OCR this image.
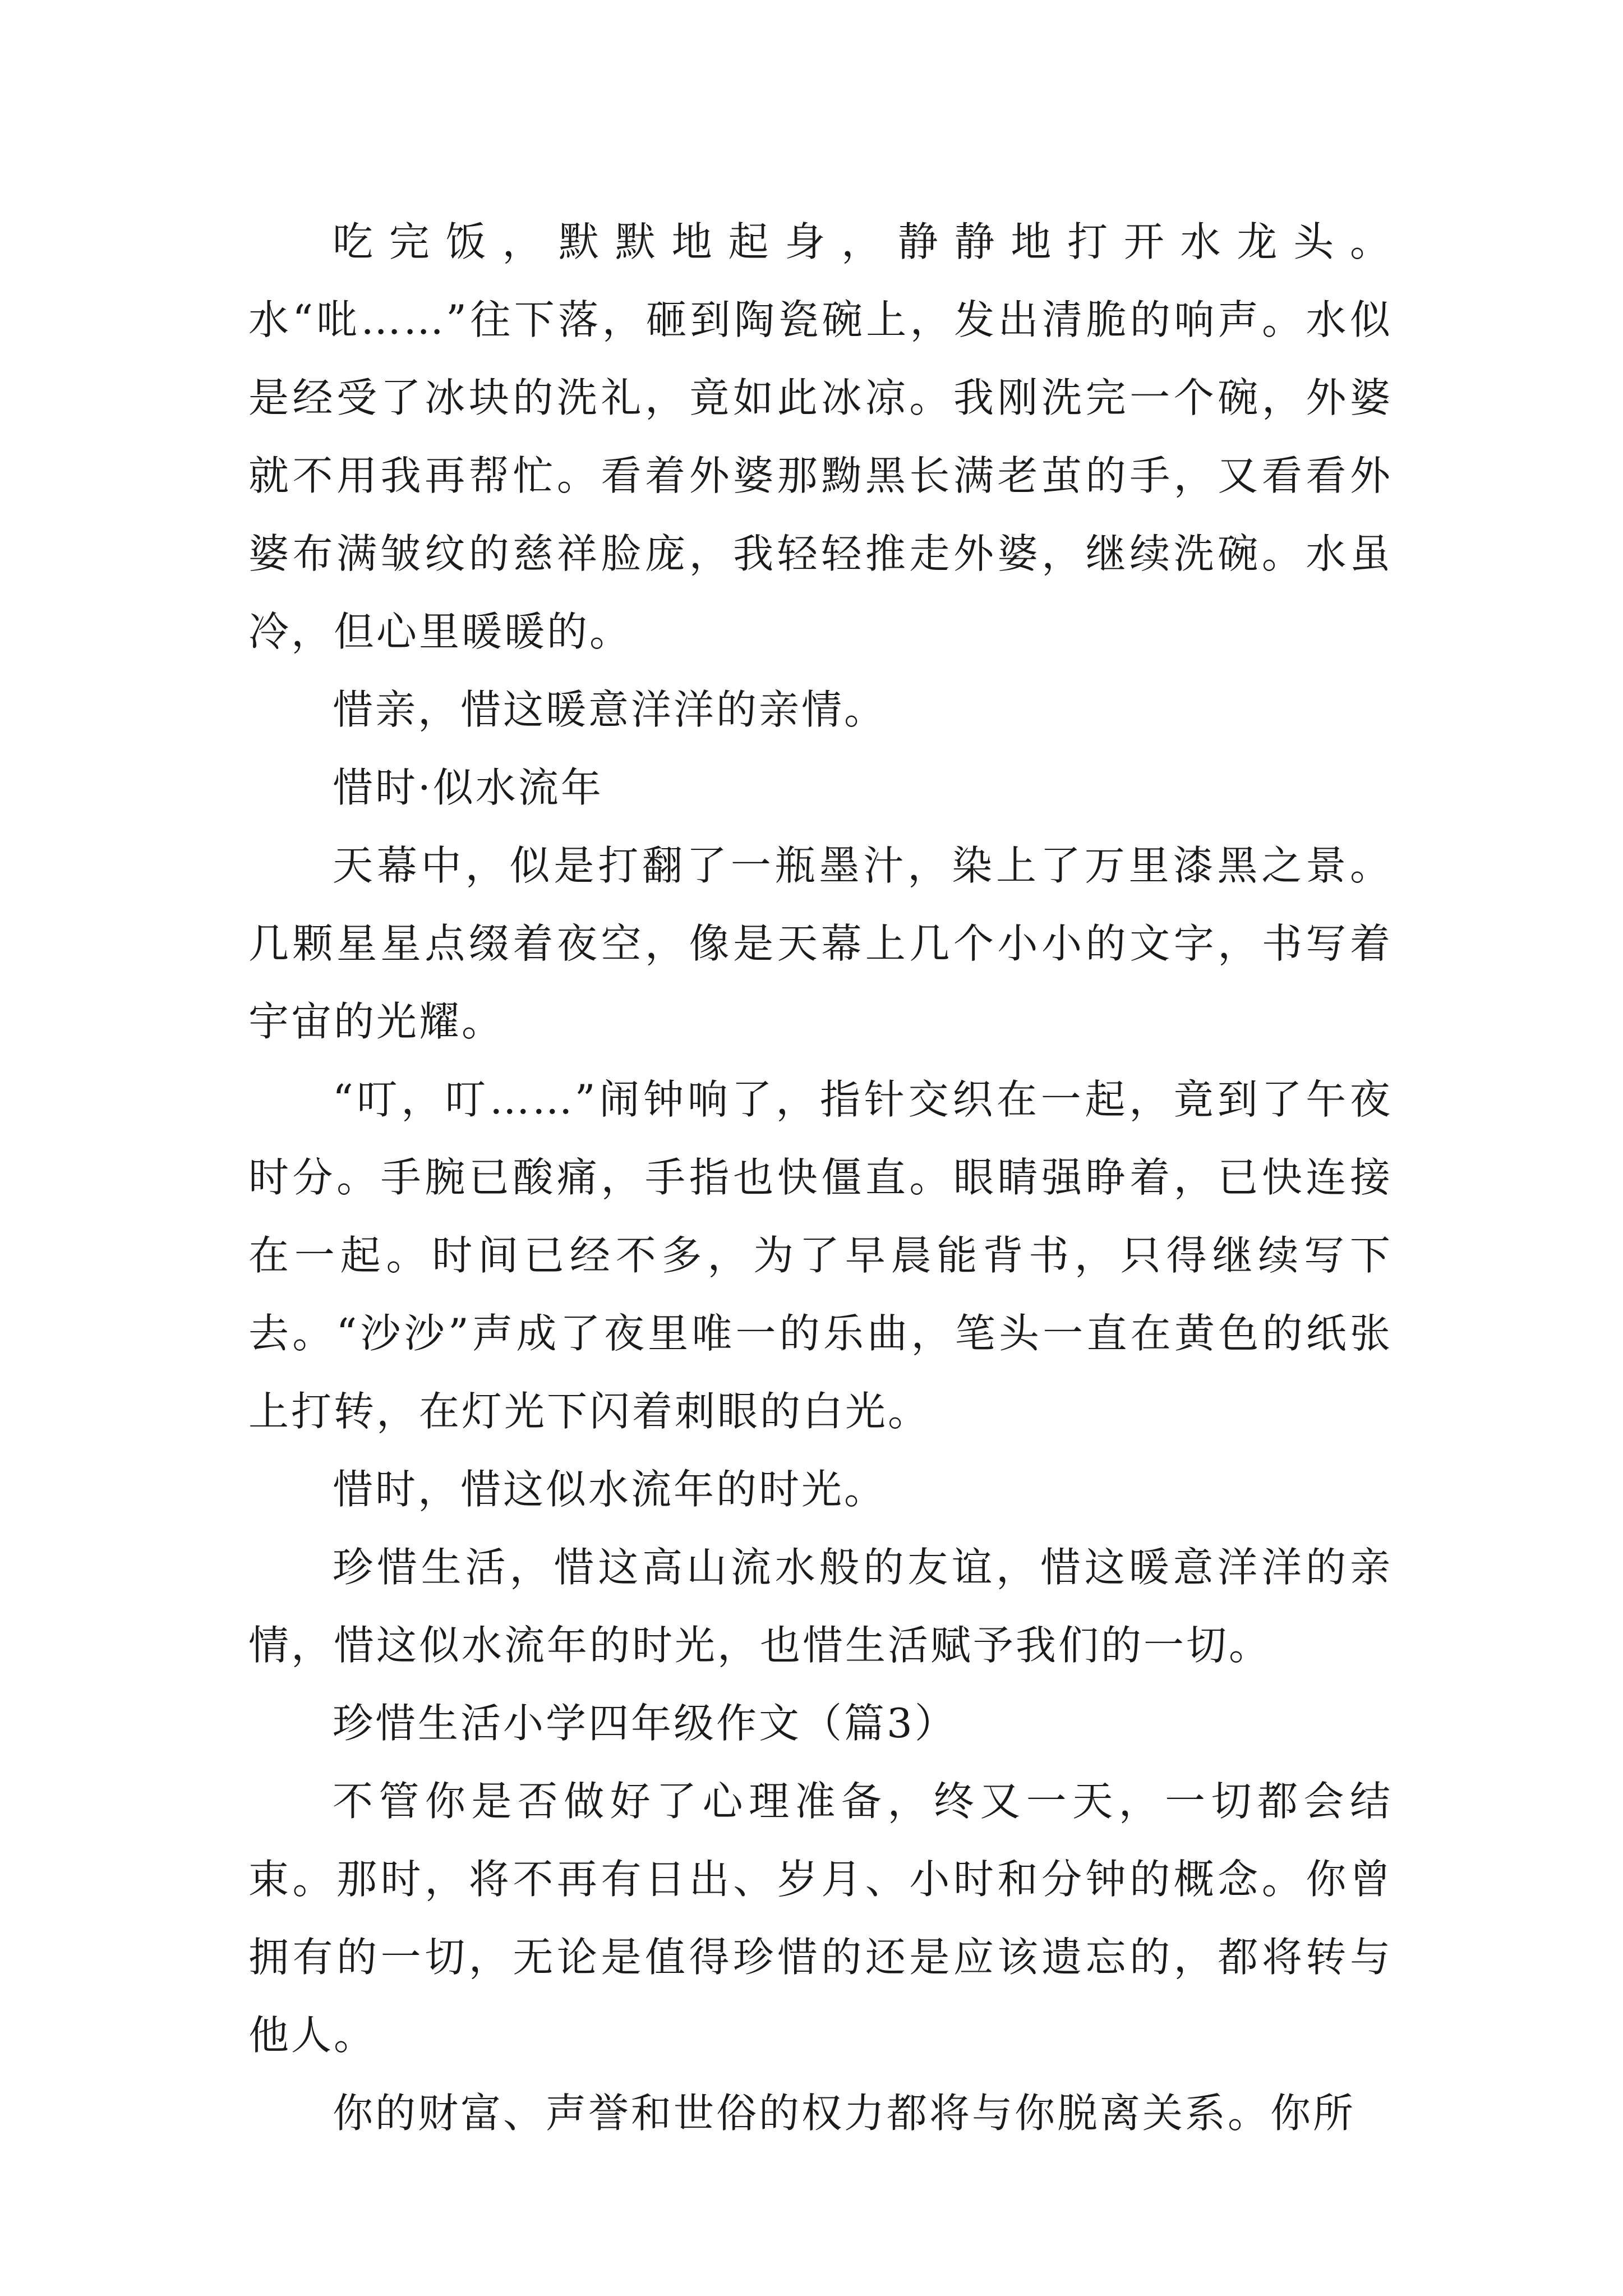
吃完饭，默默地起身，静静地打开水龙头。水“吡……”往下落，砸到陶瓷碗上，发出清脆的响声。水似是经受了冰块的洗礼，竟如此冰凉。我刚洗完一个碗，外婆就不用我再帮忙。看着外婆那黝黑长满老茧的手，又看看外婆布满皱纹的慈祥脸庞，我轻轻推走外婆，继续洗碗。水虽冷，但心里暖暖的。

惜亲，惜这暖意洋洋的亲情。

惜时·似水流年

天幕中，似是打翻了一瓶墨汁，染上了万里漆黑之景。几颗星星点缀着夜空，像是天幕上几个小小的文字，书写着宇宙的光耀。

“叮，叮……”闹钟响了，指针交织在一起，竟到了午夜时分。手腕已酸痛，手指也快僵直。眼睛强睁着，已快连接在一起。时间已经不多，为了早晨能背书，只得继续写下去。“沙沙”声成了夜里唯一的乐曲，笔头一直在黄色的纸张上打转，在灯光下闪着刺眼的白光。

惜时，惜这似水流年的时光。

珍惜生活，惜这高山流水般的友谊，惜这暖意洋洋的亲情，惜这似水流年的时光，也惜生活赋予我们的一切。

珍惜生活小学四年级作文（篇3）

不管你是否做好了心理准备，终又一天，一切都会结束。那时，将不再有日出、岁月、小时和分钟的概念。你曾拥有的一切，无论是值得珍惜的还是应该遗忘的，都将转与他人。

你的财富、声誉和世俗的权力都将与你脱离关系。你所
